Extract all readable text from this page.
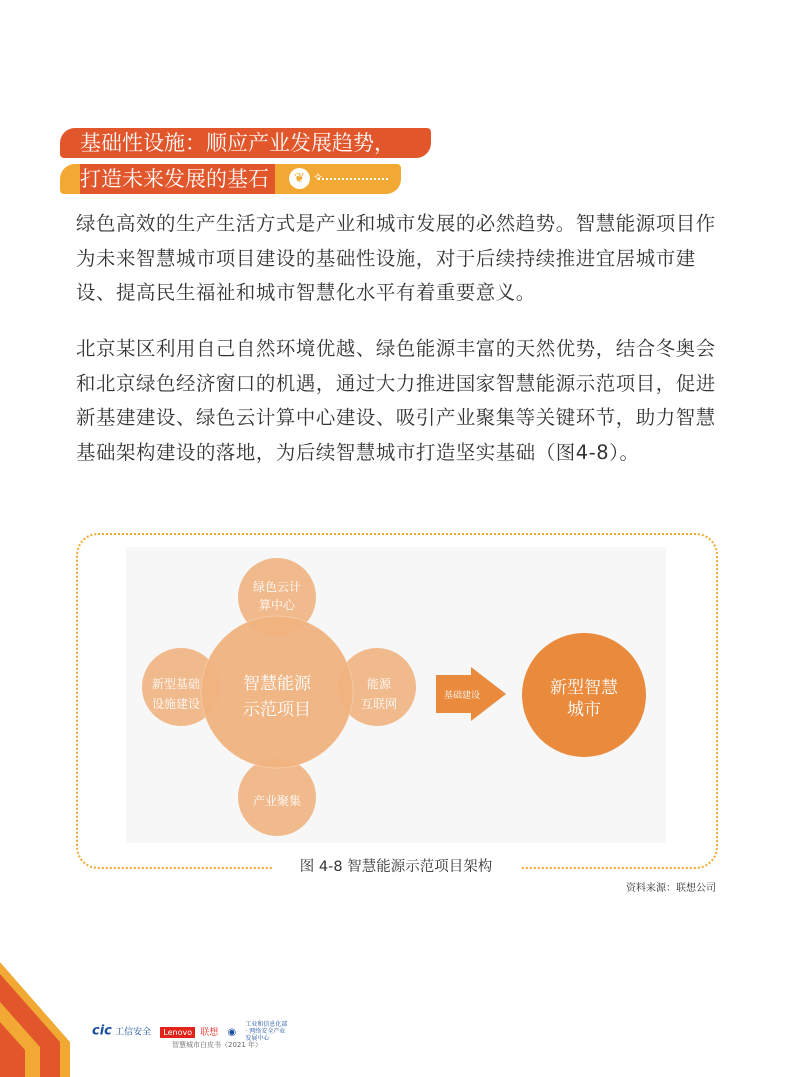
基础性设施：顺应产业发展趋势，
打造未来发展的基石	❦ ✧

绿色高效的生产生活方式是产业和城市发展的必然趋势。智慧能源项目作为未来智慧城市项目建设的基础性设施，对于后续持续推进宜居城市建设、提高民生福祉和城市智慧化水平有着重要意义。

北京某区利用自己自然环境优越、绿色能源丰富的天然优势，结合冬奥会和北京绿色经济窗口的机遇，通过大力推进国家智慧能源示范项目，促进新基建建设、绿色云计算中心建设、吸引产业聚集等关键环节，助力智慧基础架构建设的落地，为后续智慧城市打造坚实基础（图4-8）。

绿色云计
算中心
新型基础
设施建设
能源
互联网
产业聚集
智慧能源
示范项目
基础建设	新型智慧
城市
图 4-8 智慧能源示范项目架构
资料来源：联想公司
41
cic 工信安全 Lenovo 联想 ◉ 工业和信息化部 · 网络安全产业发展中心
智慧城市白皮书（2021 年）
